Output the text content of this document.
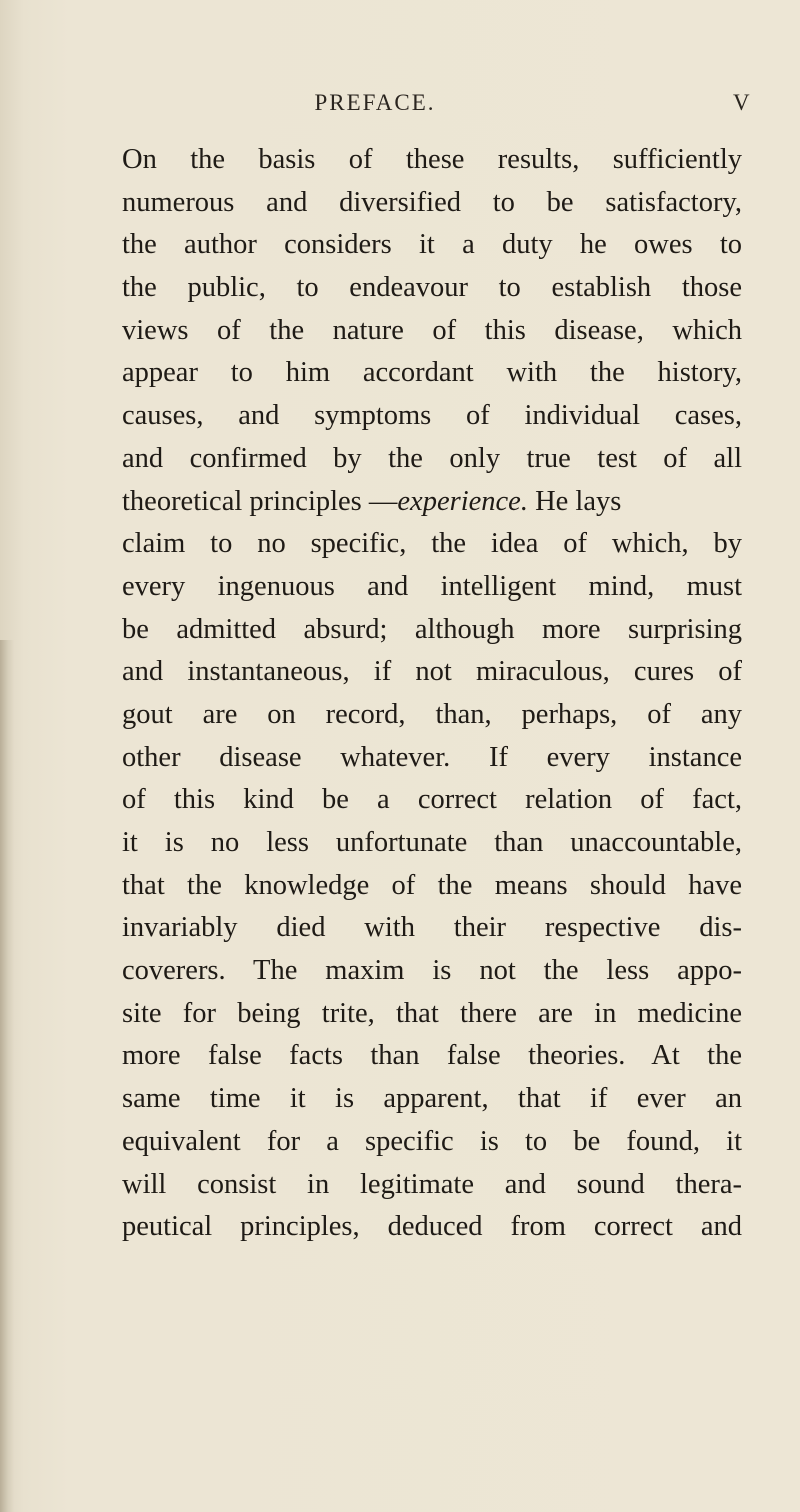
PREFACE.	V
On the basis of these results, sufficiently
numerous and diversified to be satisfactory,
the author considers it a duty he owes to
the public, to endeavour to establish those
views of the nature of this disease, which
appear to him accordant with the history,
causes, and symptoms of individual cases,
and confirmed by the only true test of all
theoretical principles —experience. He lays
claim to no specific, the idea of which, by
every ingenuous and intelligent mind, must
be admitted absurd; although more surprising
and instantaneous, if not miraculous, cures of
gout are on record, than, perhaps, of any
other disease whatever. If every instance
of this kind be a correct relation of fact,
it is no less unfortunate than unaccountable,
that the knowledge of the means should have
invariably died with their respective dis-
coverers. The maxim is not the less appo-
site for being trite, that there are in medicine
more false facts than false theories. At the
same time it is apparent, that if ever an
equivalent for a specific is to be found, it
will consist in legitimate and sound thera-
peutical principles, deduced from correct and
